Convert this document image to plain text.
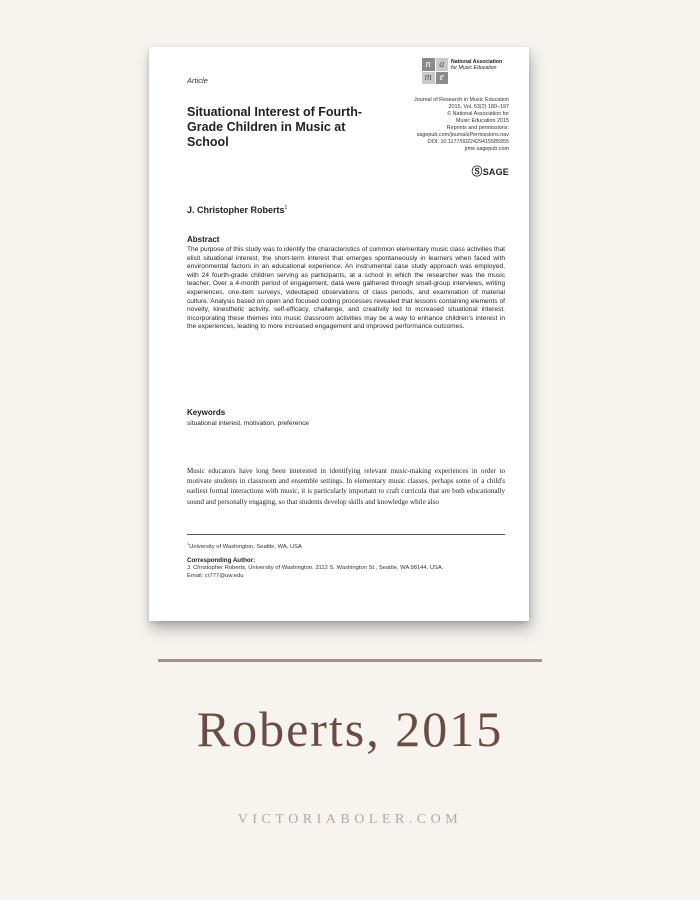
Article
n a
m e
National Association
for Music Education
Situational Interest of Fourth-Grade Children in Music at School
Journal of Research in Music Education
2015, Vol. 63(2) 180–197
© National Association for
Music Education 2015
Reprints and permissions:
sagepub.com/journalsPermissions.nav
DOI: 10.1177/0022429415585955
jrme.sagepub.com
ⓈSAGE
J. Christopher Roberts$^1$
Abstract
The purpose of this study was to identify the characteristics of common elementary music class activities that elicit situational interest, the short-term interest that emerges spontaneously in learners when faced with environmental factors in an educational experience. An instrumental case study approach was employed, with 24 fourth-grade children serving as participants, at a school in which the researcher was the music teacher. Over a 4-month period of engagement, data were gathered through small-group interviews, writing experiences, one-item surveys, videotaped observations of class periods, and examination of material culture. Analysis based on open and focused coding processes revealed that lessons containing elements of novelty, kinesthetic activity, self-efficacy, challenge, and creativity led to increased situational interest. Incorporating these themes into music classroom activities may be a way to enhance children's interest in the experiences, leading to more increased engagement and improved performance outcomes.
Keywords
situational interest, motivation, preference
Music educators have long been interested in identifying relevant music-making experiences in order to motivate students in classroom and ensemble settings. In elementary music classes, perhaps some of a child's earliest formal interactions with music, it is particularly important to craft curricula that are both educationally sound and personally engaging, so that students develop skills and knowledge while also
$^1$University of Washington, Seattle, WA, USA
Corresponding Author:
J. Christopher Roberts, University of Washington, 3112 S. Washington St., Seattle, WA 98144, USA.
Email: cr777@uw.edu
Roberts, 2015
VICTORIABOLER.COM
